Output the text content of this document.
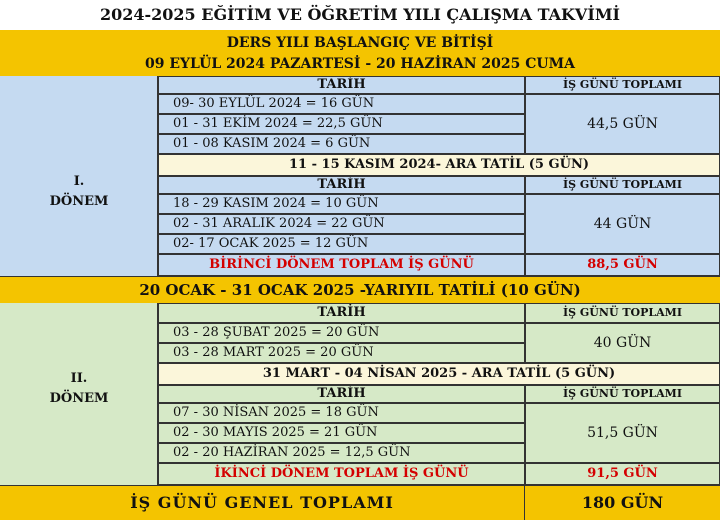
2024-2025 EĞİTİM VE ÖĞRETİM YILI ÇALIŞMA TAKVİMİ
DERS YILI BAŞLANGIÇ VE BİTİŞİ
09 EYLÜL 2024 PAZARTESİ - 20 HAZİRAN 2025 CUMA
I.
DÖNEM
TARİH	İŞ GÜNÜ TOPLAMI
09- 30 EYLÜL 2024 = 16 GÜN
01 - 31 EKİM 2024 = 22,5 GÜN
01 - 08 KASIM 2024 = 6 GÜN
44,5 GÜN
11 - 15 KASIM 2024- ARA TATİL (5 GÜN)
TARİH	İŞ GÜNÜ TOPLAMI
18 - 29 KASIM 2024 = 10 GÜN
02 - 31 ARALIK 2024 = 22 GÜN
02- 17 OCAK 2025 = 12 GÜN
44 GÜN
BİRİNCİ DÖNEM TOPLAM İŞ GÜNÜ	88,5 GÜN
20 OCAK - 31 OCAK 2025 -YARIYIL TATİLİ (10 GÜN)
II.
DÖNEM
TARİH	İŞ GÜNÜ TOPLAMI
03 - 28 ŞUBAT 2025 = 20 GÜN
03 - 28 MART 2025 = 20 GÜN
40 GÜN
31 MART - 04 NİSAN 2025 - ARA TATİL (5 GÜN)
TARİH	İŞ GÜNÜ TOPLAMI
07 - 30 NİSAN 2025 = 18 GÜN
02 - 30 MAYIS 2025 = 21 GÜN
02 - 20 HAZİRAN 2025 = 12,5 GÜN
51,5 GÜN
İKİNCİ DÖNEM TOPLAM İŞ GÜNÜ	91,5 GÜN
İŞ GÜNÜ GENEL TOPLAMI	180 GÜN
